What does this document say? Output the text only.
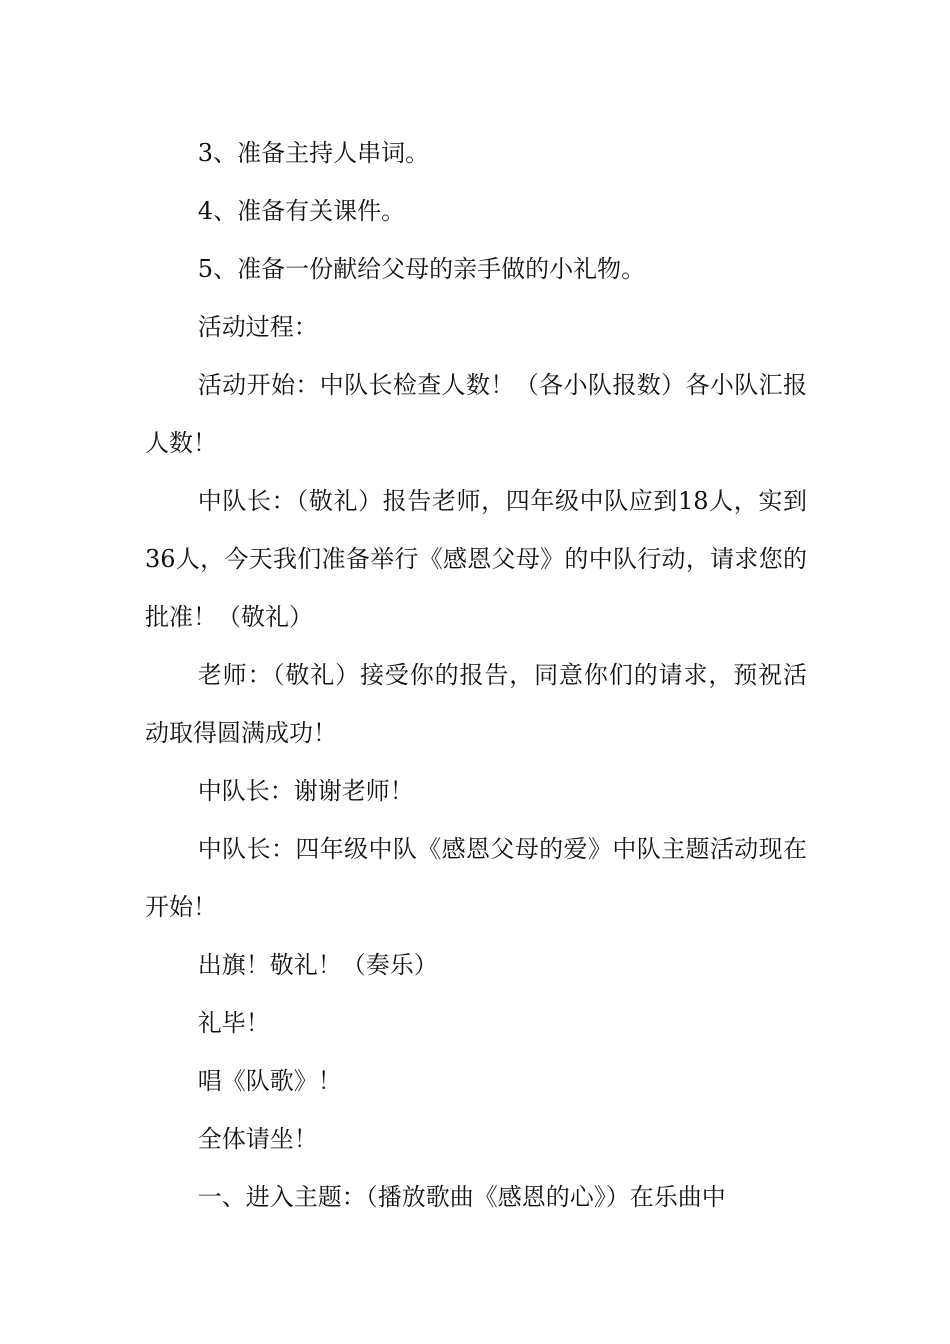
3、准备主持人串词。

4、准备有关课件。

5、准备一份献给父母的亲手做的小礼物。

活动过程：

活动开始：中队长检查人数！（各小队报数）各小队汇报人数！

中队长：（敬礼）报告老师，四年级中队应到18人，实到36人，今天我们准备举行《感恩父母》的中队行动，请求您的批准！（敬礼）

老师：（敬礼）接受你的报告，同意你们的请求，预祝活动取得圆满成功！

中队长：谢谢老师！

中队长：四年级中队《感恩父母的爱》中队主题活动现在开始！

出旗！敬礼！（奏乐）

礼毕！

唱《队歌》！

全体请坐！

一、进入主题：（播放歌曲《感恩的心》）在乐曲中
